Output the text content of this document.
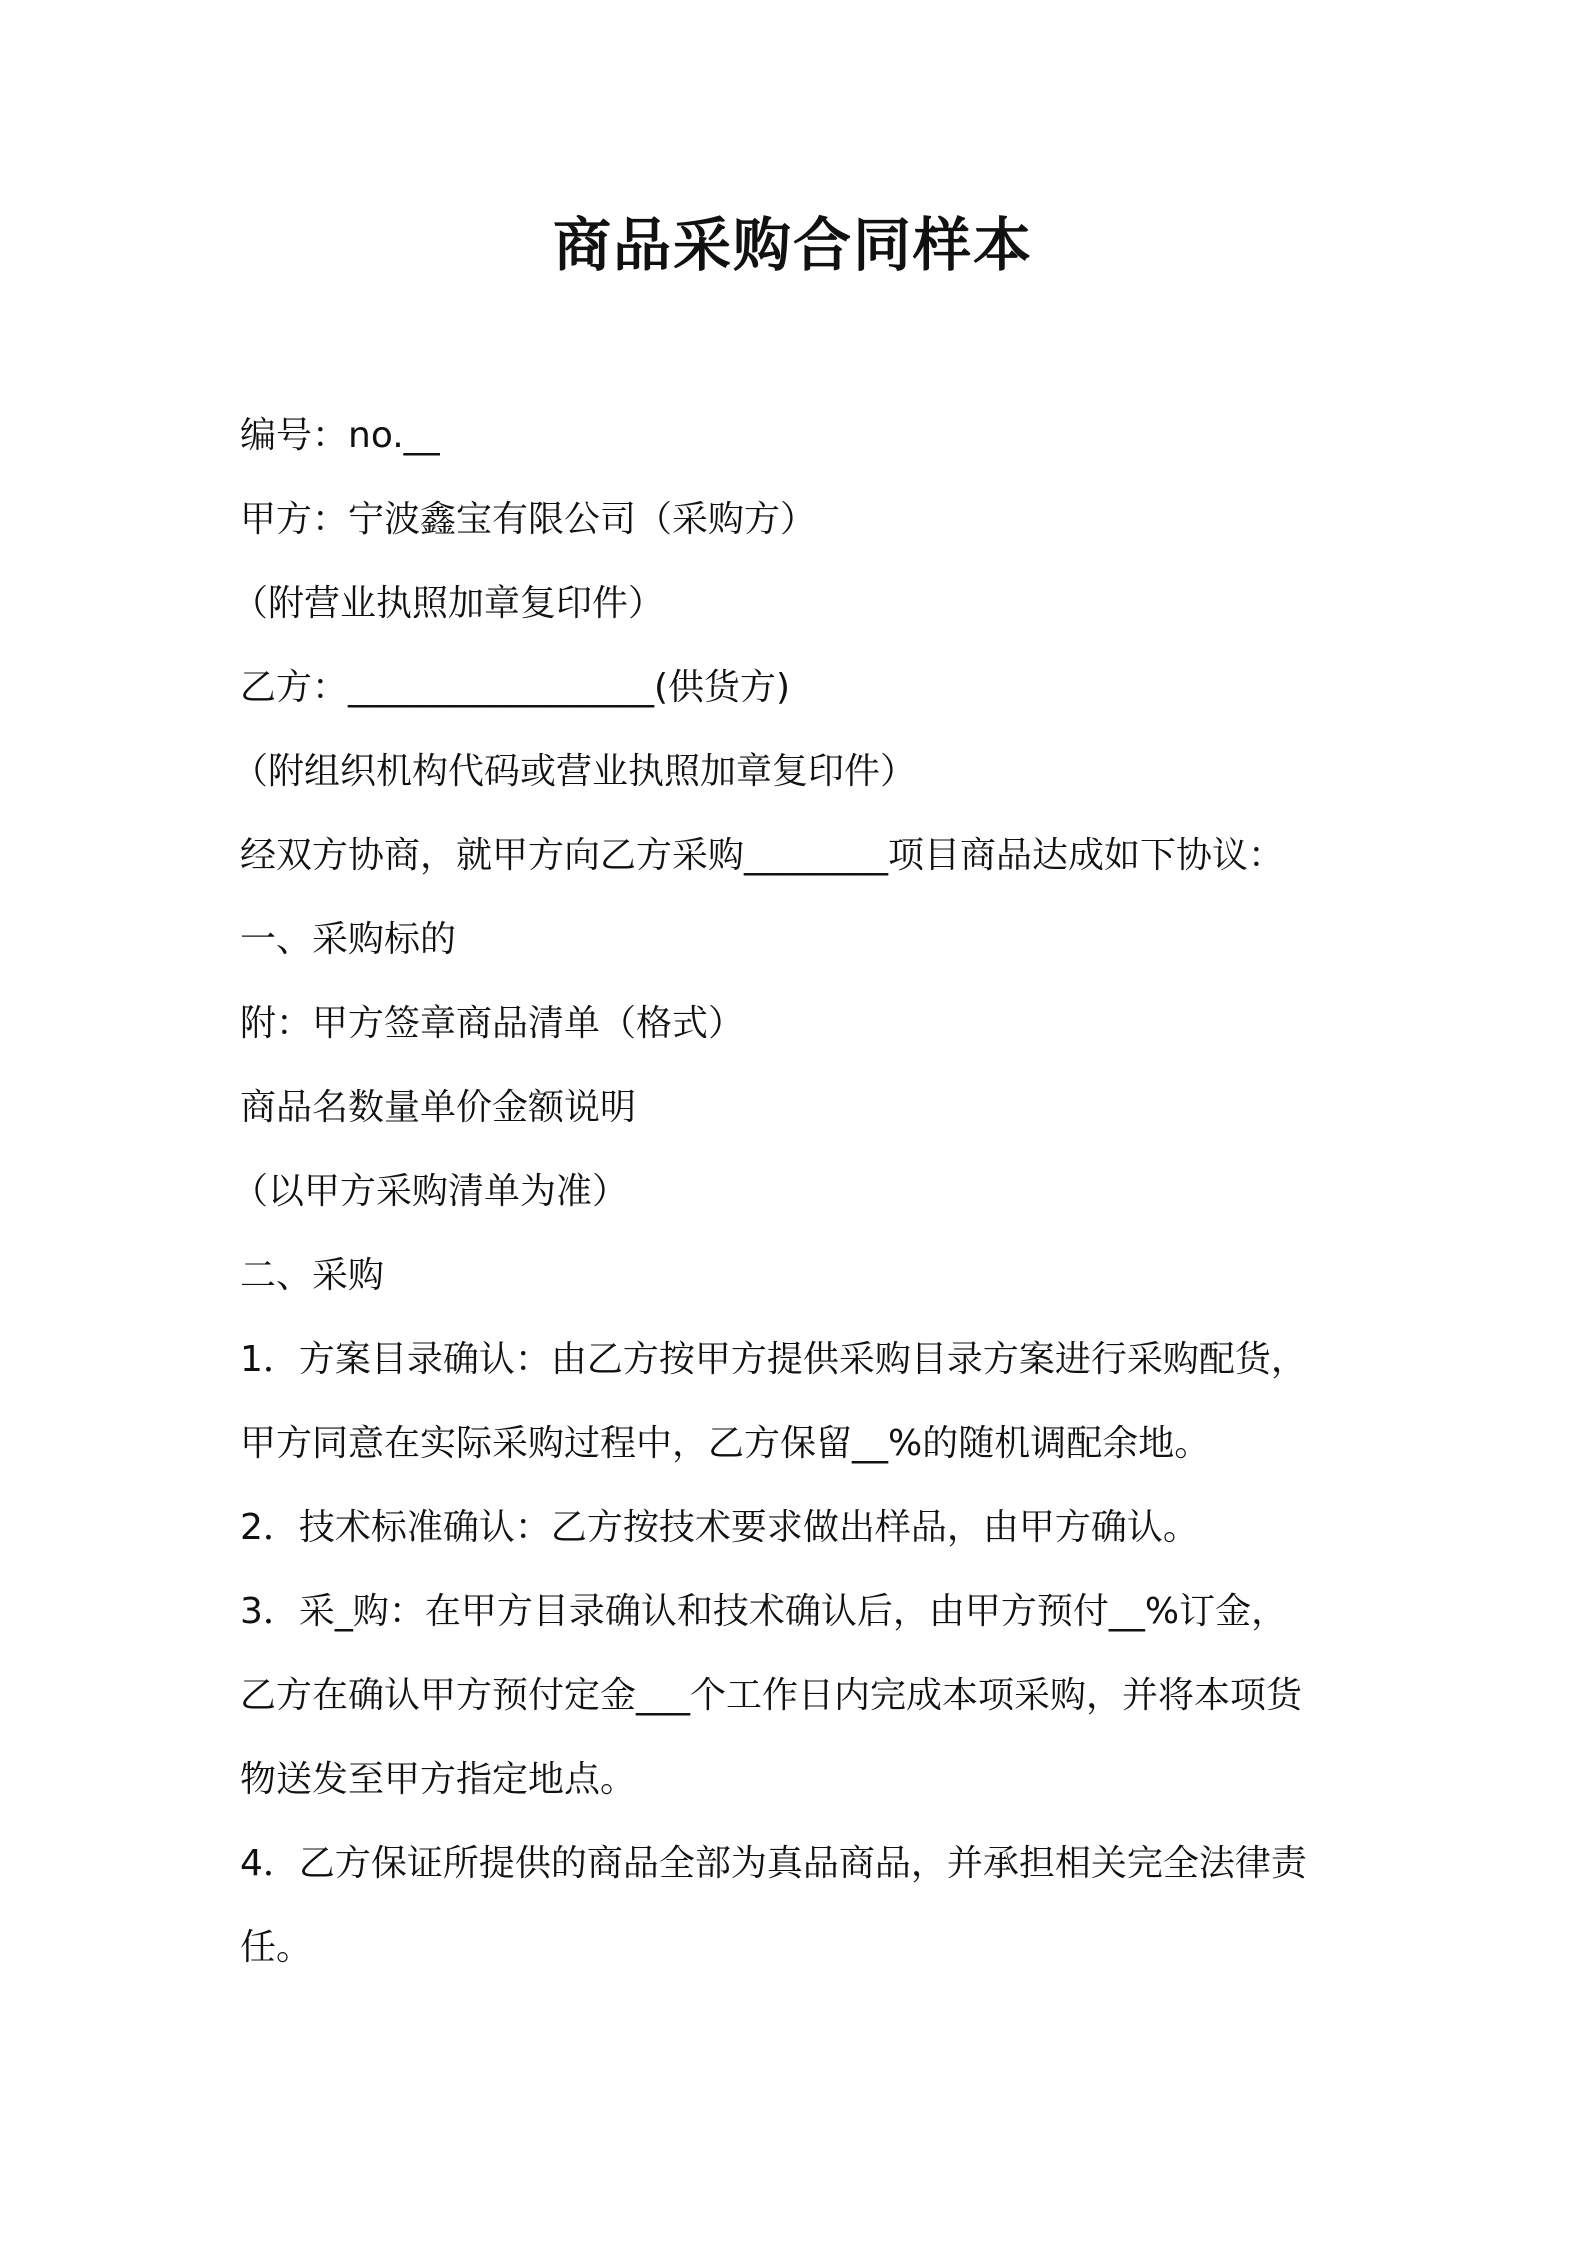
商品采购合同样本
编号：no.__
甲方：宁波鑫宝有限公司（采购方）
（附营业执照加章复印件）
乙方：_________________(供货方)
（附组织机构代码或营业执照加章复印件）
经双方协商，就甲方向乙方采购________项目商品达成如下协议：
一、采购标的
附：甲方签章商品清单（格式）
商品名数量单价金额说明
（以甲方采购清单为准）
二、采购
1．方案目录确认：由乙方按甲方提供采购目录方案进行采购配货，
甲方同意在实际采购过程中，乙方保留__%的随机调配余地。
2．技术标准确认：乙方按技术要求做出样品，由甲方确认。
3．采_购：在甲方目录确认和技术确认后，由甲方预付__%订金，
乙方在确认甲方预付定金___个工作日内完成本项采购，并将本项货
物送发至甲方指定地点。
4．乙方保证所提供的商品全部为真品商品，并承担相关完全法律责
任。
